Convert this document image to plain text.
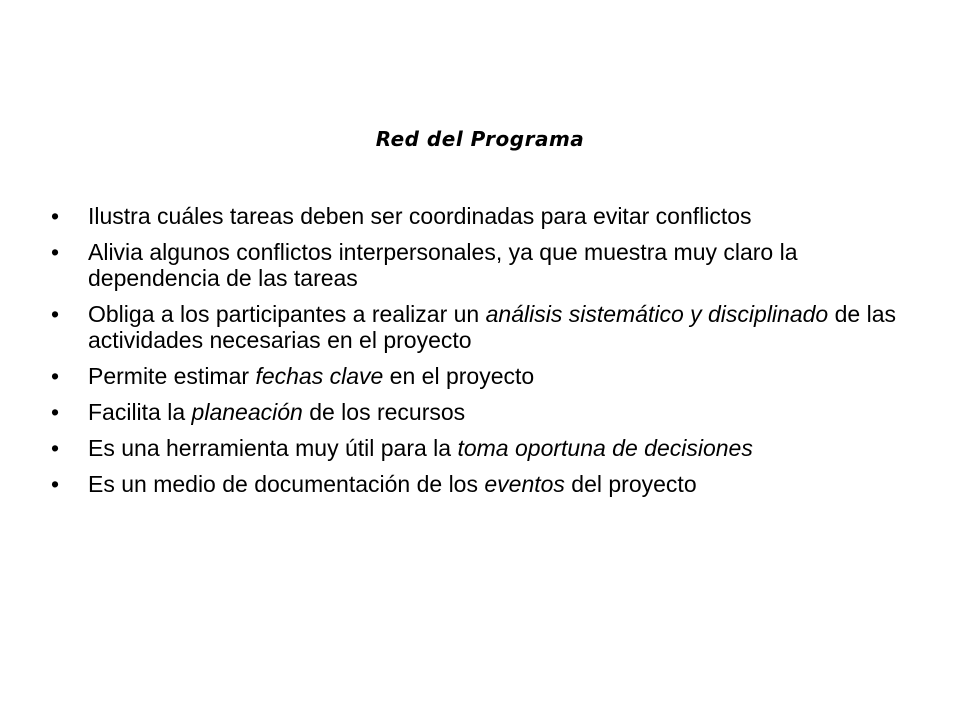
Red del Programa
• Ilustra cuáles tareas deben ser coordinadas para evitar conflictos
• Alivia algunos conflictos interpersonales, ya que muestra muy claro la dependencia de las tareas
• Obliga a los participantes a realizar un análisis sistemático y disciplinado de las actividades necesarias en el proyecto
• Permite estimar fechas clave en el proyecto
• Facilita la planeación de los recursos
• Es una herramienta muy útil para la toma oportuna de decisiones
• Es un medio de documentación de los eventos del proyecto
